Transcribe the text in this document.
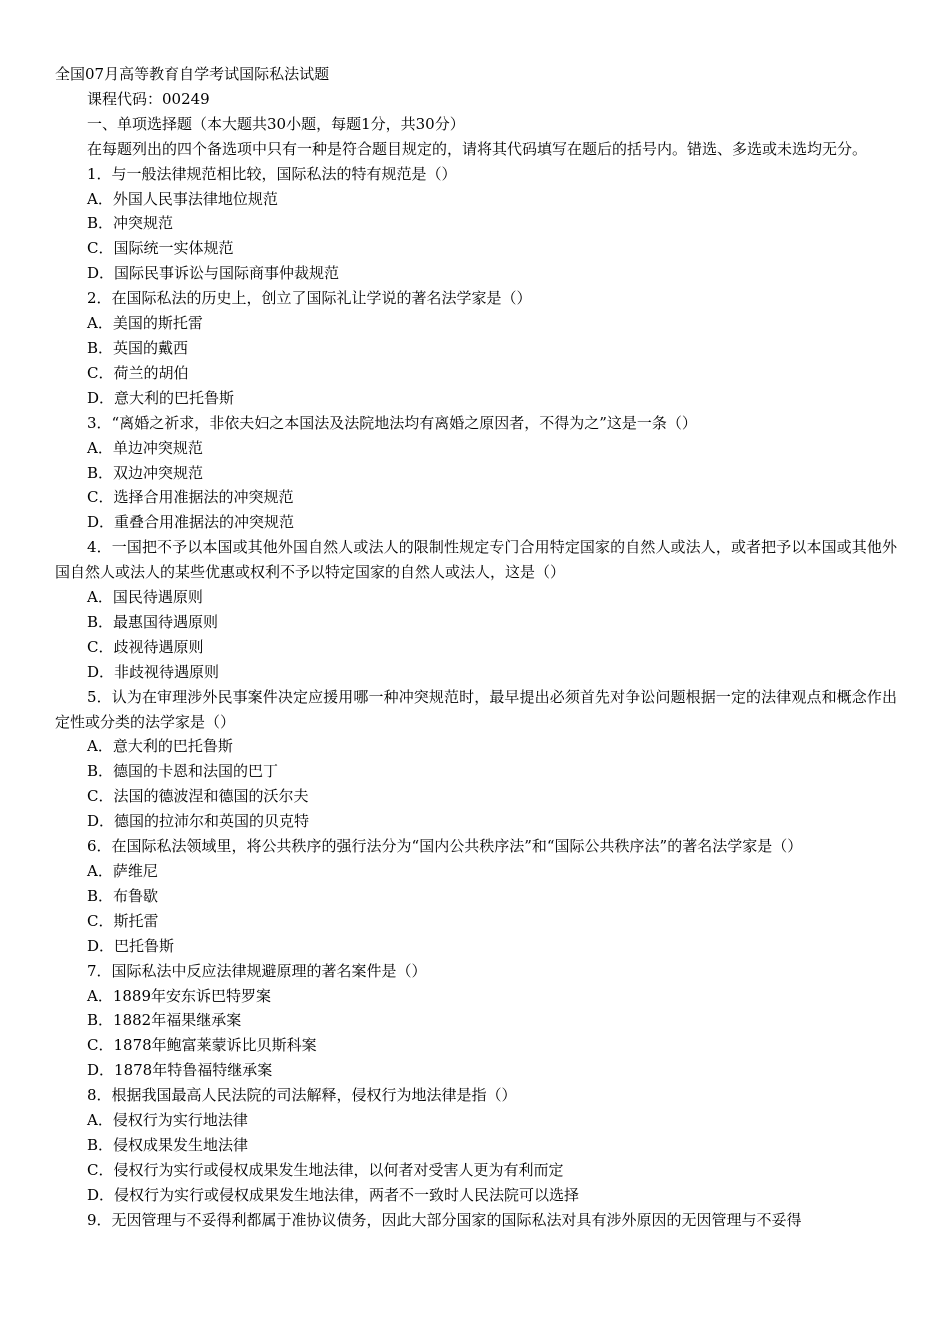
全国07月高等教育自学考试国际私法试题
课程代码：00249
一、单项选择题（本大题共30小题，每题1分，共30分）
在每题列出的四个备选项中只有一种是符合题目规定的，请将其代码填写在题后的括号内。错选、多选或未选均无分。
1．与一般法律规范相比较，国际私法的特有规范是（）
A．外国人民事法律地位规范
B．冲突规范
C．国际统一实体规范
D．国际民事诉讼与国际商事仲裁规范
2．在国际私法的历史上，创立了国际礼让学说的著名法学家是（）
A．美国的斯托雷
B．英国的戴西
C．荷兰的胡伯
D．意大利的巴托鲁斯
3．“离婚之祈求，非依夫妇之本国法及法院地法均有离婚之原因者，不得为之”这是一条（）
A．单边冲突规范
B．双边冲突规范
C．选择合用准据法的冲突规范
D．重叠合用准据法的冲突规范
4．一国把不予以本国或其他外国自然人或法人的限制性规定专门合用特定国家的自然人或法人，或者把予以本国或其他外国自然人或法人的某些优惠或权利不予以特定国家的自然人或法人，这是（）
A．国民待遇原则
B．最惠国待遇原则
C．歧视待遇原则
D．非歧视待遇原则
5．认为在审理涉外民事案件决定应援用哪一种冲突规范时，最早提出必须首先对争讼问题根据一定的法律观点和概念作出定性或分类的法学家是（）
A．意大利的巴托鲁斯
B．德国的卡恩和法国的巴丁
C．法国的德波涅和德国的沃尔夫
D．德国的拉沛尔和英国的贝克特
6．在国际私法领域里，将公共秩序的强行法分为“国内公共秩序法”和“国际公共秩序法”的著名法学家是（）
A．萨维尼
B．布鲁歇
C．斯托雷
D．巴托鲁斯
7．国际私法中反应法律规避原理的著名案件是（）
A．1889年安东诉巴特罗案
B．1882年福果继承案
C．1878年鲍富莱蒙诉比贝斯科案
D．1878年特鲁福特继承案
8．根据我国最高人民法院的司法解释，侵权行为地法律是指（）
A．侵权行为实行地法律
B．侵权成果发生地法律
C．侵权行为实行或侵权成果发生地法律，以何者对受害人更为有利而定
D．侵权行为实行或侵权成果发生地法律，两者不一致时人民法院可以选择
9．无因管理与不妥得利都属于准协议债务，因此大部分国家的国际私法对具有涉外原因的无因管理与不妥得
